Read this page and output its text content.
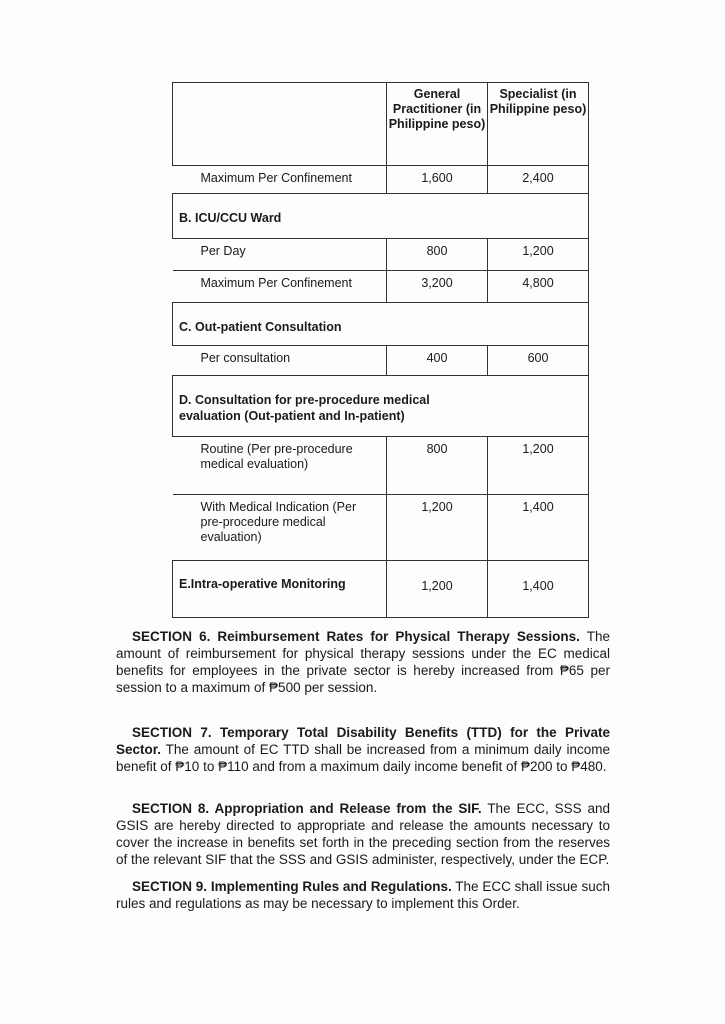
	General Practitioner (in Philippine peso)	Specialist (in Philippine peso)
Maximum Per Confinement	1,600	2,400
B. ICU/CCU Ward		
Per Day	800	1,200
Maximum Per Confinement	3,200	4,800
C. Out-patient Consultation		
Per consultation	400	600
D. Consultation for pre-procedure medical evaluation (Out-patient and In-patient)		
Routine (Per pre-procedure medical evaluation)	800	1,200
With Medical Indication (Per pre-procedure medical evaluation)	1,200	1,400
E.Intra-operative Monitoring	1,200	1,400

SECTION 6. Reimbursement Rates for Physical Therapy Sessions. The amount of reimbursement for physical therapy sessions under the EC medical benefits for employees in the private sector is hereby increased from ₱65 per session to a maximum of ₱500 per session.

SECTION 7. Temporary Total Disability Benefits (TTD) for the Private Sector. The amount of EC TTD shall be increased from a minimum daily income benefit of ₱10 to ₱110 and from a maximum daily income benefit of ₱200 to ₱480.

SECTION 8. Appropriation and Release from the SIF. The ECC, SSS and GSIS are hereby directed to appropriate and release the amounts necessary to cover the increase in benefits set forth in the preceding section from the reserves of the relevant SIF that the SSS and GSIS administer, respectively, under the ECP.

SECTION 9. Implementing Rules and Regulations. The ECC shall issue such rules and regulations as may be necessary to implement this Order.
